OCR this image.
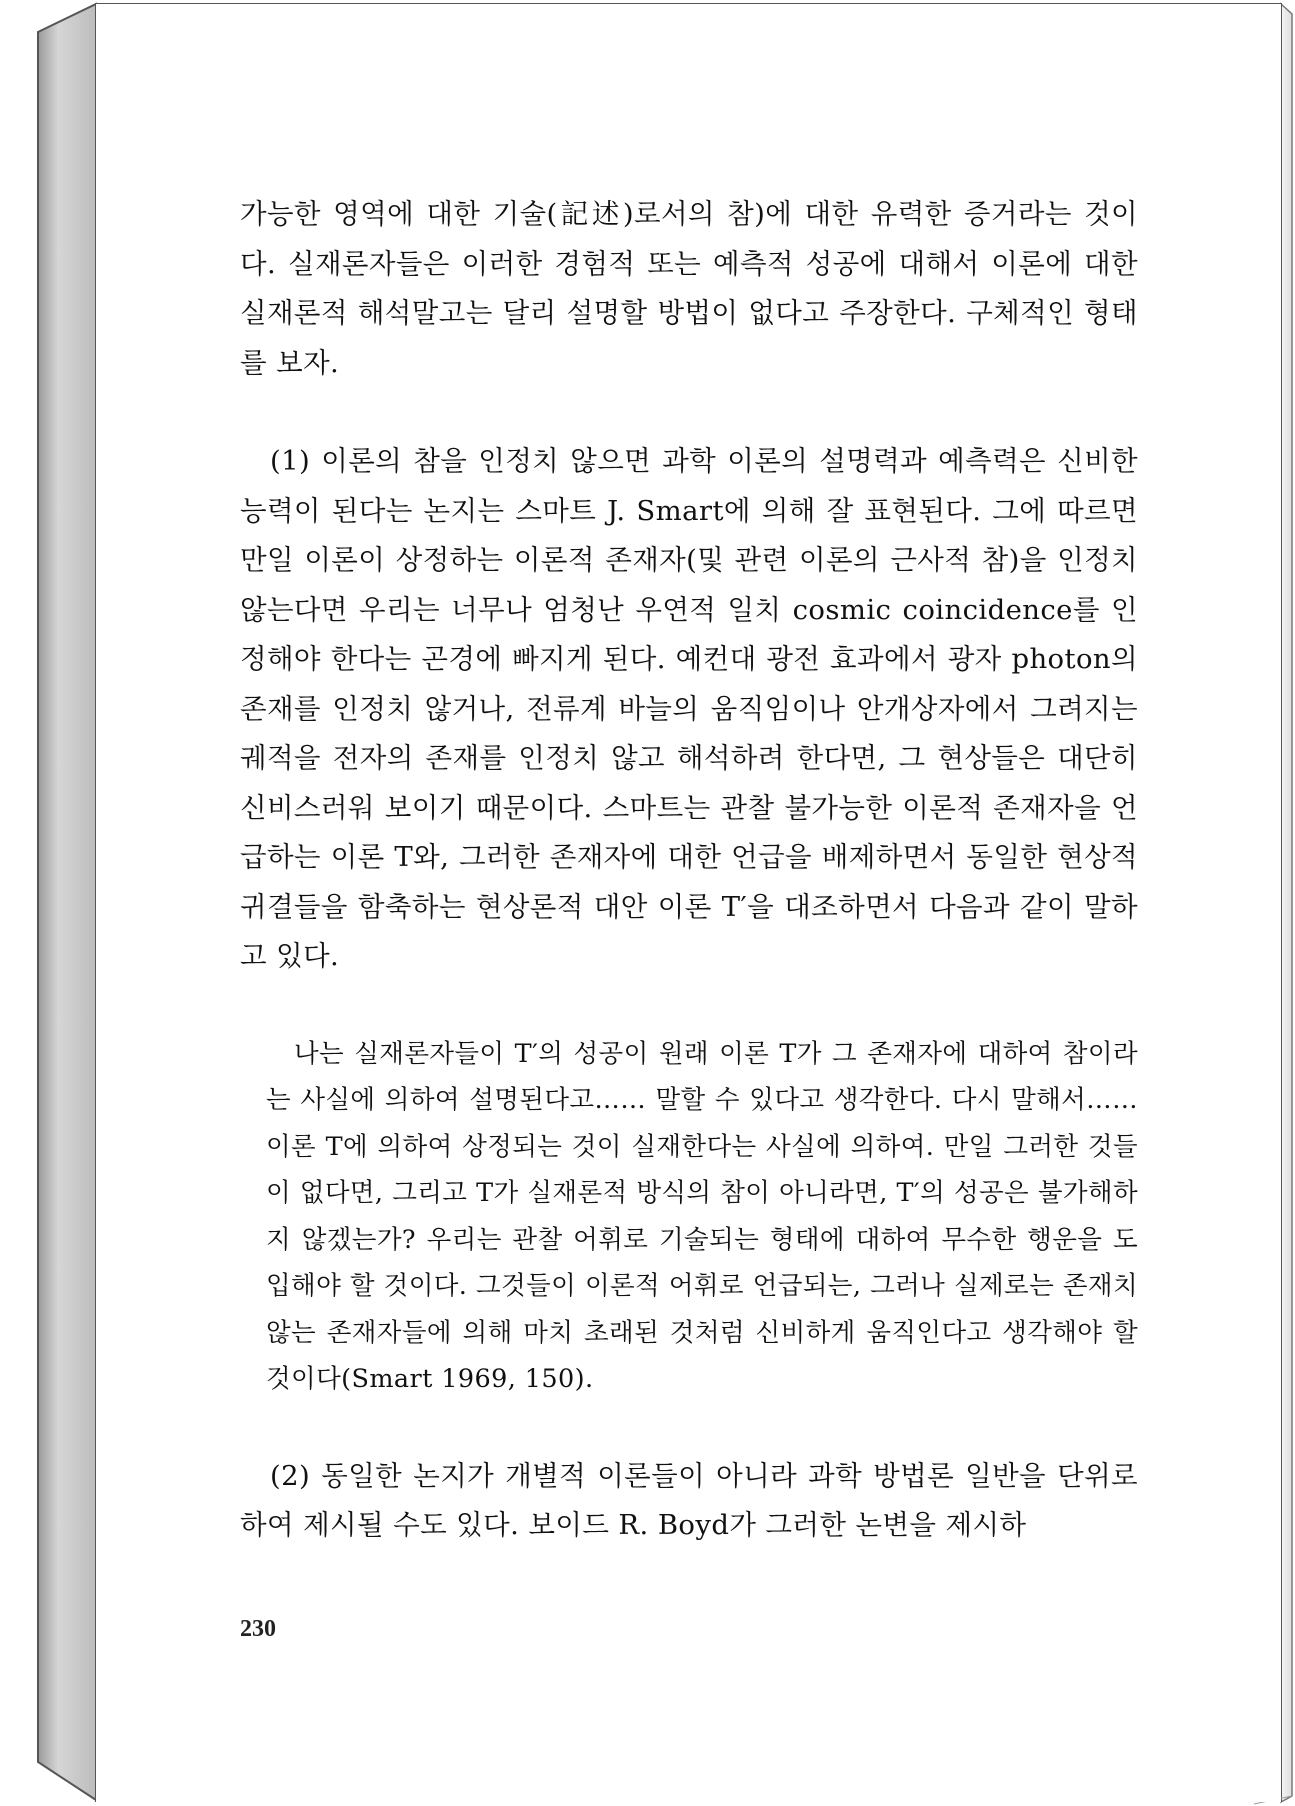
가능한 영역에 대한 기술(記述)로서의 참)에 대한 유력한 증거라는 것이다. 실재론자들은 이러한 경험적 또는 예측적 성공에 대해서 이론에 대한 실재론적 해석말고는 달리 설명할 방법이 없다고 주장한다. 구체적인 형태를 보자.

(1) 이론의 참을 인정치 않으면 과학 이론의 설명력과 예측력은 신비한 능력이 된다는 논지는 스마트 J. Smart에 의해 잘 표현된다. 그에 따르면 만일 이론이 상정하는 이론적 존재자(및 관련 이론의 근사적 참)을 인정치 않는다면 우리는 너무나 엄청난 우연적 일치 cosmic coincidence를 인정해야 한다는 곤경에 빠지게 된다. 예컨대 광전 효과에서 광자 photon의 존재를 인정치 않거나, 전류계 바늘의 움직임이나 안개상자에서 그려지는 궤적을 전자의 존재를 인정치 않고 해석하려 한다면, 그 현상들은 대단히 신비스러워 보이기 때문이다. 스마트는 관찰 불가능한 이론적 존재자을 언급하는 이론 T와, 그러한 존재자에 대한 언급을 배제하면서 동일한 현상적 귀결들을 함축하는 현상론적 대안 이론 T′을 대조하면서 다음과 같이 말하고 있다.

나는 실재론자들이 T′의 성공이 원래 이론 T가 그 존재자에 대하여 참이라는 사실에 의하여 설명된다고…… 말할 수 있다고 생각한다. 다시 말해서…… 이론 T에 의하여 상정되는 것이 실재한다는 사실에 의하여. 만일 그러한 것들이 없다면, 그리고 T가 실재론적 방식의 참이 아니라면, T′의 성공은 불가해하지 않겠는가? 우리는 관찰 어휘로 기술되는 형태에 대하여 무수한 행운을 도입해야 할 것이다. 그것들이 이론적 어휘로 언급되는, 그러나 실제로는 존재치 않는 존재자들에 의해 마치 초래된 것처럼 신비하게 움직인다고 생각해야 할 것이다(Smart 1969, 150).

(2) 동일한 논지가 개별적 이론들이 아니라 과학 방법론 일반을 단위로 하여 제시될 수도 있다. 보이드 R. Boyd가 그러한 논변을 제시하

230
